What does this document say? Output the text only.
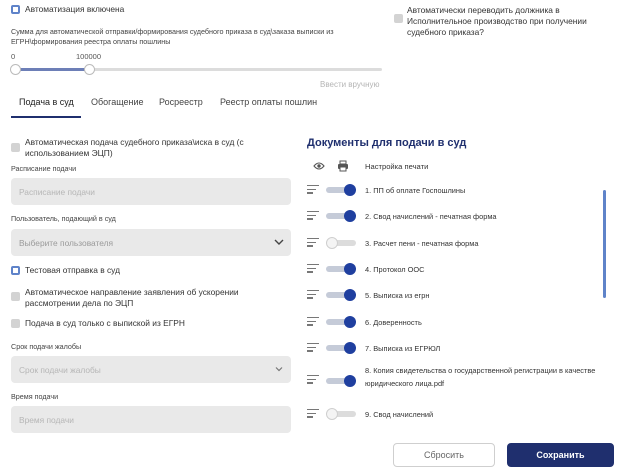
Автоматизация включена	Автоматически переводить должника в Исполнительное производство при получении судебного приказа?
Сумма для автоматической отправки/формирования судебного приказа в суд\заказа выписки из ЕГРН\формирования реестра оплаты пошлины
0	100000
Ввести вручную
Подача в суд Обогащение Росреестр Реестр оплаты пошлин
Автоматическая подача судебного приказа\иска в суд (с использованием ЭЦП)
Расписание подачи
Расписание подачи
Пользователь, подающий в суд
Выберите пользователя
Тестовая отправка в суд
Автоматическое направление заявления об ускорении рассмотрении дела по ЭЦП
Подача в суд только с выпиской из ЕГРН
Срок подачи жалобы
Срок подачи жалобы
Время подачи
Время подачи
Документы для подачи в суд
Настройка печати
1. ПП об оплате Госпошлины
2. Свод начислений - печатная форма
3. Расчет пени - печатная форма
4. Протокол ООС
5. Выписка из егрн
6. Доверенность
7. Выписка из ЕГРЮЛ
8. Копия свидетельства о государственной регистрации в качестве юридического лица.pdf
9. Свод начислений
Сбросить	Сохранить
